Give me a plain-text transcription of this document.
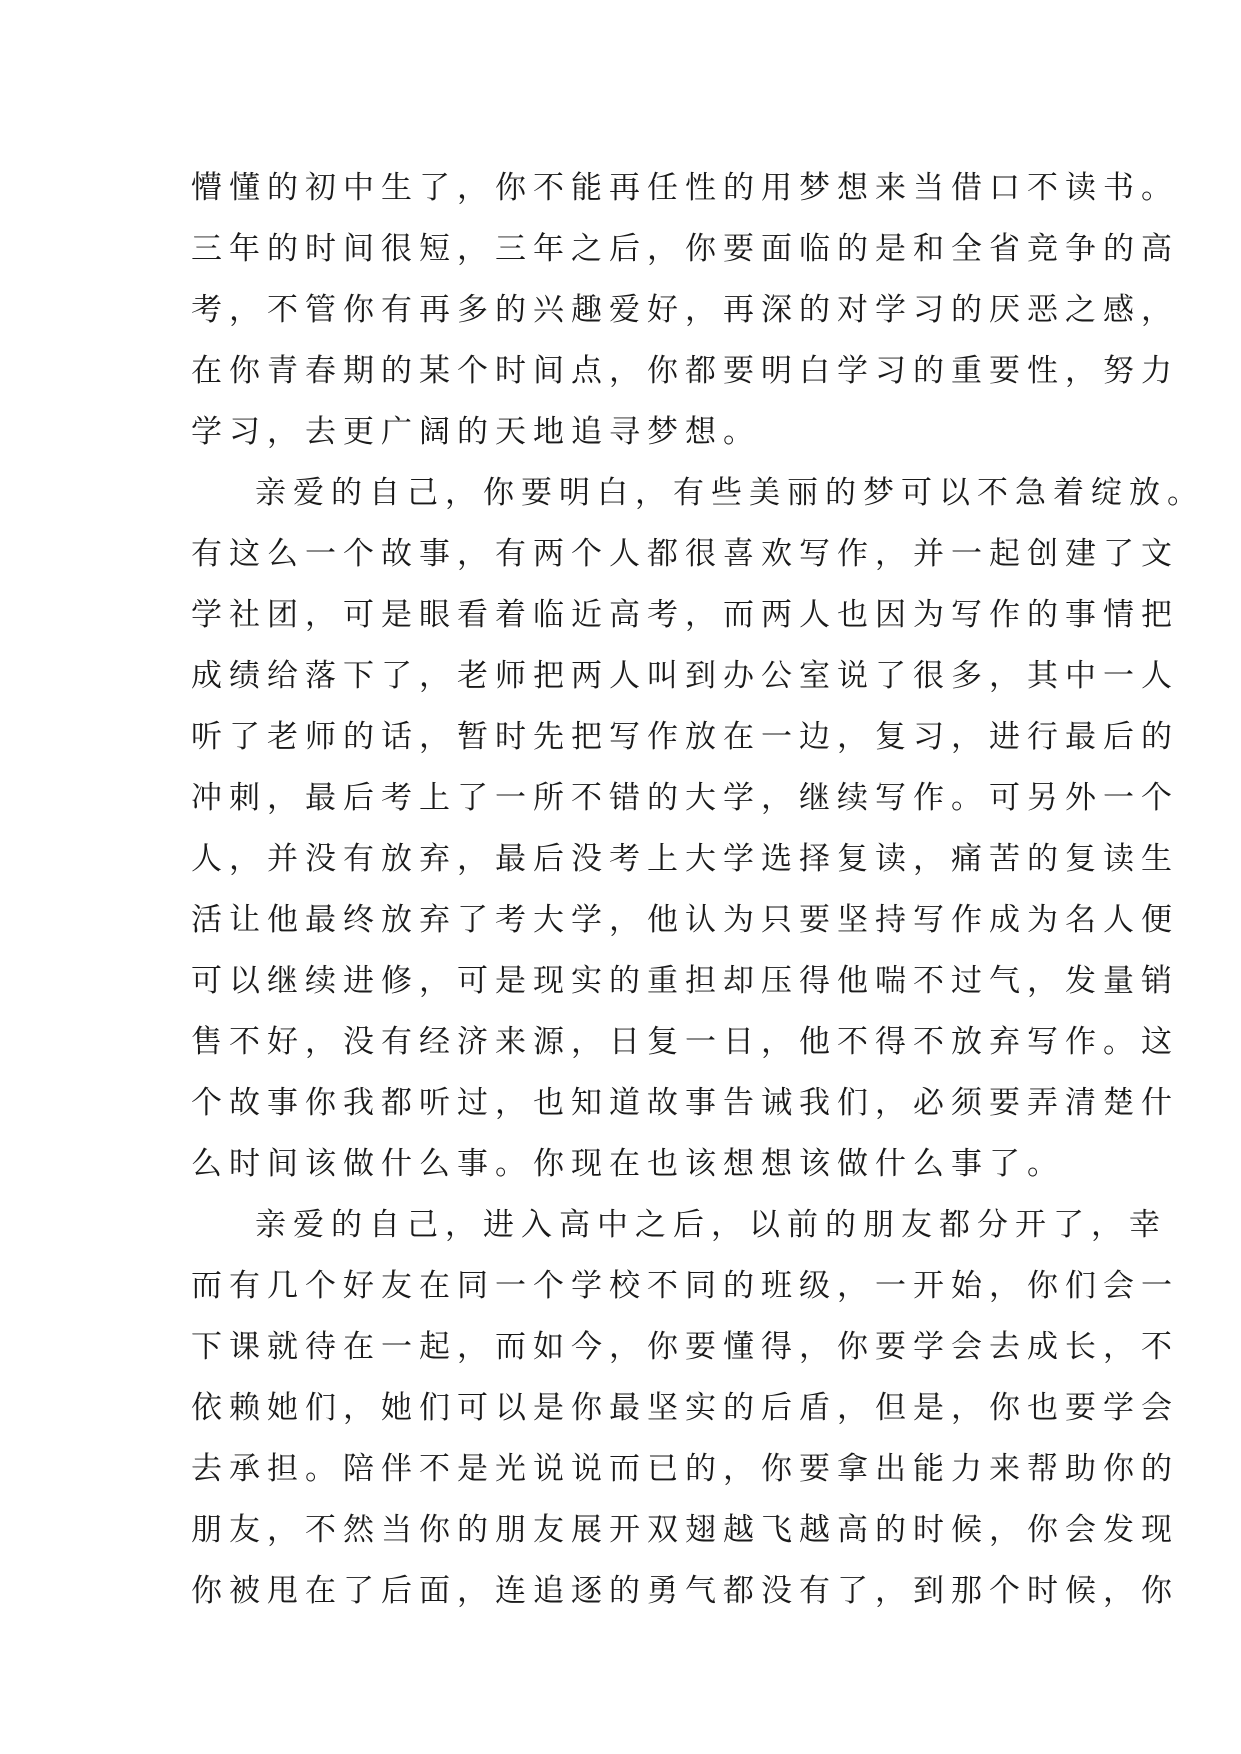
懵懂的初中生了，你不能再任性的用梦想来当借口不读书。
三年的时间很短，三年之后，你要面临的是和全省竞争的高
考，不管你有再多的兴趣爱好，再深的对学习的厌恶之感，
在你青春期的某个时间点，你都要明白学习的重要性，努力
学习，去更广阔的天地追寻梦想。
亲爱的自己，你要明白，有些美丽的梦可以不急着绽放。
有这么一个故事，有两个人都很喜欢写作，并一起创建了文
学社团，可是眼看着临近高考，而两人也因为写作的事情把
成绩给落下了，老师把两人叫到办公室说了很多，其中一人
听了老师的话，暂时先把写作放在一边，复习，进行最后的
冲刺，最后考上了一所不错的大学，继续写作。可另外一个
人，并没有放弃，最后没考上大学选择复读，痛苦的复读生
活让他最终放弃了考大学，他认为只要坚持写作成为名人便
可以继续进修，可是现实的重担却压得他喘不过气，发量销
售不好，没有经济来源，日复一日，他不得不放弃写作。这
个故事你我都听过，也知道故事告诫我们，必须要弄清楚什
么时间该做什么事。你现在也该想想该做什么事了。
亲爱的自己，进入高中之后，以前的朋友都分开了，幸
而有几个好友在同一个学校不同的班级，一开始，你们会一
下课就待在一起，而如今，你要懂得，你要学会去成长，不
依赖她们，她们可以是你最坚实的后盾，但是，你也要学会
去承担。陪伴不是光说说而已的，你要拿出能力来帮助你的
朋友，不然当你的朋友展开双翅越飞越高的时候，你会发现
你被甩在了后面，连追逐的勇气都没有了，到那个时候，你
